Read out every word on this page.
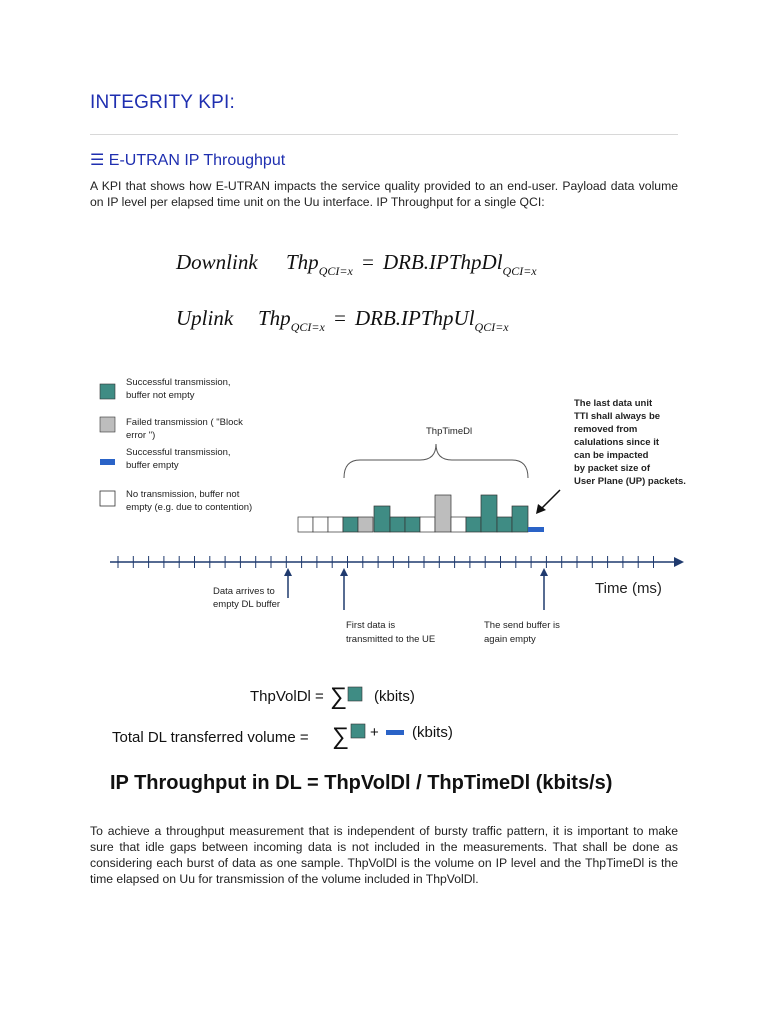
INTEGRITY KPI:
☰ E-UTRAN IP Throughput
A KPI that shows how E-UTRAN impacts the service quality provided to an end-user. Payload data volume on IP level per elapsed time unit on the Uu interface. IP Throughput for a single QCI:
Downlink Thp$_{QCI=x}$ = DRB.IPThpDl$_{QCI=x}$
Uplink Thp$_{QCI=x}$ = DRB.IPThpUl$_{QCI=x}$
Successful transmission,
buffer not empty
Failed transmission ( "Block
error ")
Successful transmission,
buffer empty
No transmission, buffer not
empty (e.g. due to contention)
ThpTimeDl
The last data unit
TTI shall always be
removed from
calulations since it
can be impacted
by packet size of
User Plane (UP) packets.
Time (ms)
Data arrives to
empty DL buffer
First data is
transmitted to the UE
The send buffer is
again empty
ThpVolDl = ∑ (kbits)
Total DL transferred volume = ∑ + (kbits)
IP Throughput in DL = ThpVolDl / ThpTimeDl (kbits/s)
To achieve a throughput measurement that is independent of bursty traffic pattern, it is important to make sure that idle gaps between incoming data is not included in the measurements. That shall be done as considering each burst of data as one sample. ThpVolDl is the volume on IP level and the ThpTimeDl is the time elapsed on Uu for transmission of the volume included in ThpVolDl.
